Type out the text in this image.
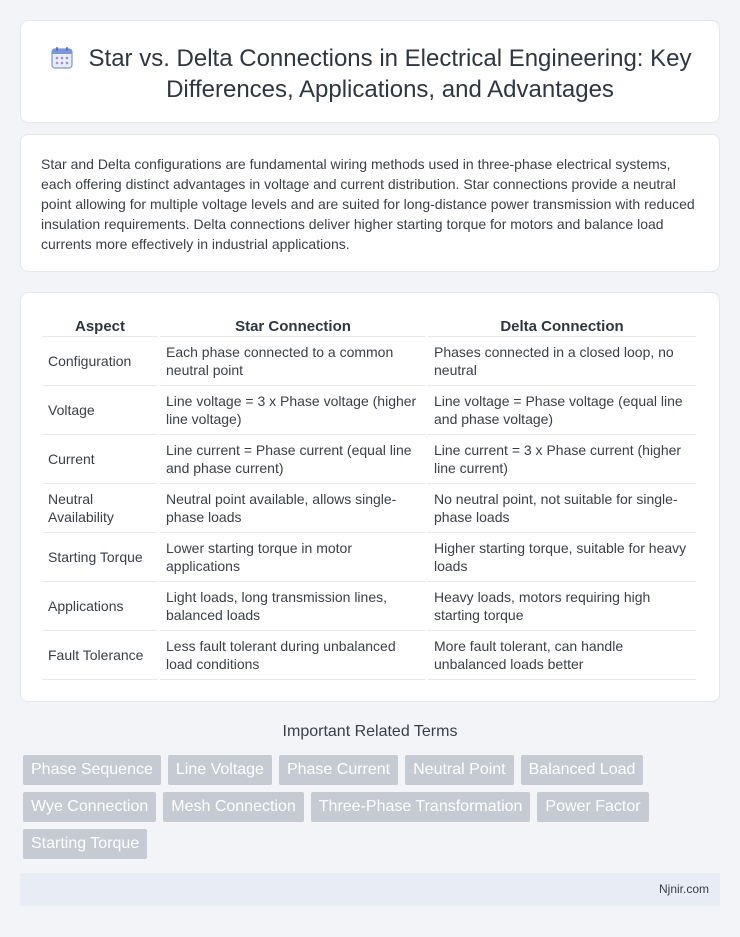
Star vs. Delta Connections in Electrical Engineering: Key Differences, Applications, and Advantages

Star and Delta configurations are fundamental wiring methods used in three-phase electrical systems, each offering distinct advantages in voltage and current distribution. Star connections provide a neutral point allowing for multiple voltage levels and are suited for long-distance power transmission with reduced insulation requirements. Delta connections deliver higher starting torque for motors and balance load currents more effectively in industrial applications.

Aspect	Star Connection	Delta Connection
Configuration	Each phase connected to a common neutral point	Phases connected in a closed loop, no neutral
Voltage	Line voltage = 3 x Phase voltage (higher line voltage)	Line voltage = Phase voltage (equal line and phase voltage)
Current	Line current = Phase current (equal line and phase current)	Line current = 3 x Phase current (higher line current)
Neutral Availability	Neutral point available, allows single-phase loads	No neutral point, not suitable for single-phase loads
Starting Torque	Lower starting torque in motor applications	Higher starting torque, suitable for heavy loads
Applications	Light loads, long transmission lines, balanced loads	Heavy loads, motors requiring high starting torque
Fault Tolerance	Less fault tolerant during unbalanced load conditions	More fault tolerant, can handle unbalanced loads better
Important Related Terms
Phase Sequence	Line Voltage	Phase Current	Neutral Point	Balanced Load
Wye Connection	Mesh Connection	Three-Phase Transformation	Power Factor
Starting Torque
Njnir.com
